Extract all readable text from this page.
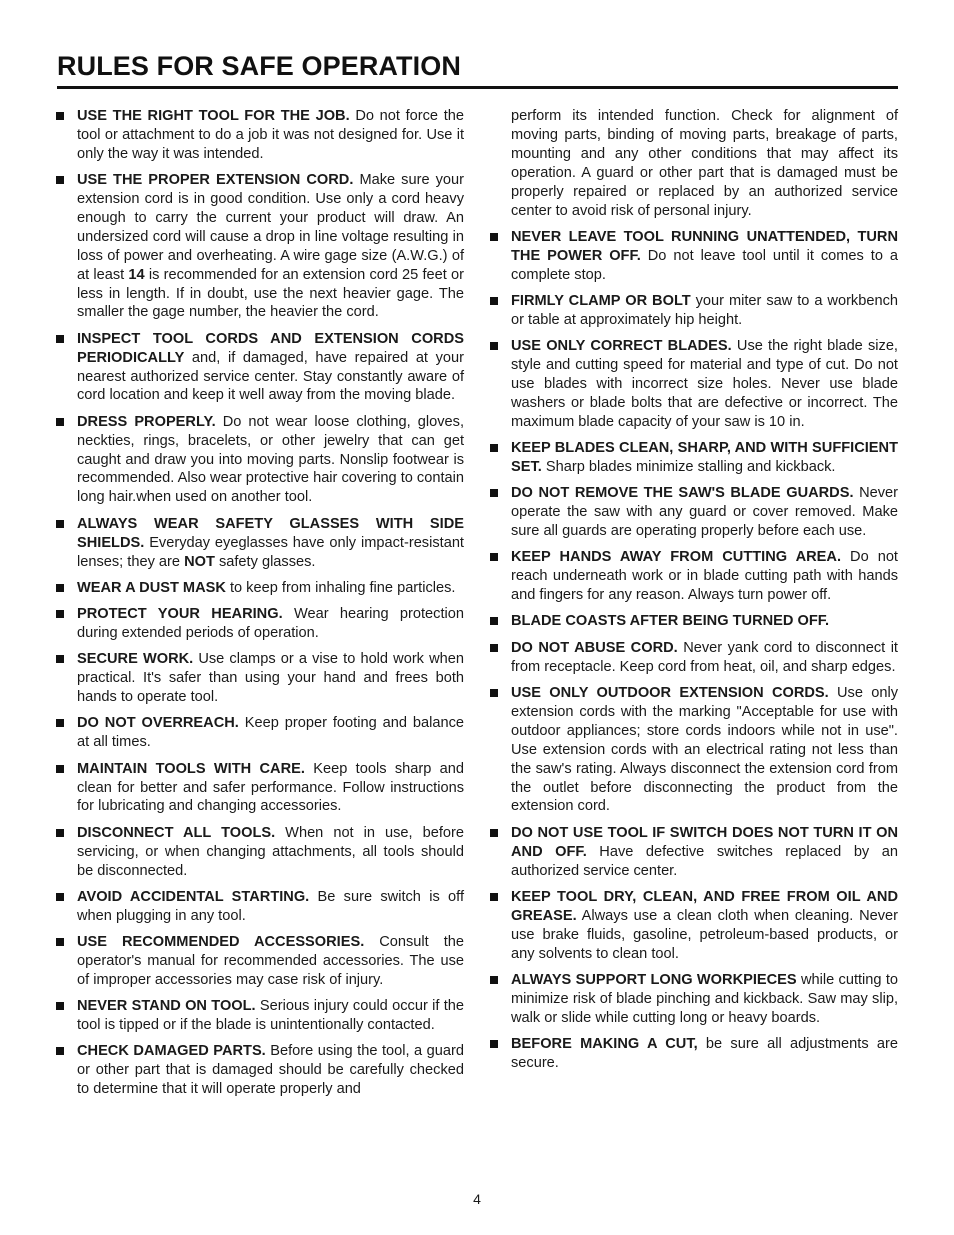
RULES FOR SAFE OPERATION
USE THE RIGHT TOOL FOR THE JOB. Do not force the tool or attachment to do a job it was not designed for. Use it only the way it was intended.
USE THE PROPER EXTENSION CORD. Make sure your extension cord is in good condition. Use only a cord heavy enough to carry the current your product will draw. An undersized cord will cause a drop in line voltage resulting in loss of power and overheating. A wire gage size (A.W.G.) of at least 14 is recommended for an extension cord 25 feet or less in length. If in doubt, use the next heavier gage. The smaller the gage number, the heavier the cord.
INSPECT TOOL CORDS AND EXTENSION CORDS PERIODICALLY and, if damaged, have repaired at your nearest authorized service center. Stay constantly aware of cord location and keep it well away from the moving blade.
DRESS PROPERLY. Do not wear loose clothing, gloves, neckties, rings, bracelets, or other jewelry that can get caught and draw you into moving parts. Nonslip footwear is recommended. Also wear protective hair covering to contain long hair.when used on another tool.
ALWAYS WEAR SAFETY GLASSES WITH SIDE SHIELDS. Everyday eyeglasses have only impact-resistant lenses; they are NOT safety glasses.
WEAR A DUST MASK to keep from inhaling fine particles.
PROTECT YOUR HEARING. Wear hearing protection during extended periods of operation.
SECURE WORK. Use clamps or a vise to hold work when practical. It's safer than using your hand and frees both hands to operate tool.
DO NOT OVERREACH. Keep proper footing and balance at all times.
MAINTAIN TOOLS WITH CARE. Keep tools sharp and clean for better and safer performance. Follow instructions for lubricating and changing accessories.
DISCONNECT ALL TOOLS. When not in use, before servicing, or when changing attachments, all tools should be disconnected.
AVOID ACCIDENTAL STARTING. Be sure switch is off when plugging in any tool.
USE RECOMMENDED ACCESSORIES. Consult the operator's manual for recommended accessories. The use of improper accessories may case risk of injury.
NEVER STAND ON TOOL. Serious injury could occur if the tool is tipped or if the blade is unintentionally contacted.
CHECK DAMAGED PARTS. Before using the tool, a guard or other part that is damaged should be carefully checked to determine that it will operate properly and
perform its intended function. Check for alignment of moving parts, binding of moving parts, breakage of parts, mounting and any other conditions that may affect its operation. A guard or other part that is damaged must be properly repaired or replaced by an authorized service center to avoid risk of personal injury.
NEVER LEAVE TOOL RUNNING UNATTENDED, TURN THE POWER OFF. Do not leave tool until it comes to a complete stop.
FIRMLY CLAMP OR BOLT your miter saw to a workbench or table at approximately hip height.
USE ONLY CORRECT BLADES. Use the right blade size, style and cutting speed for material and type of cut. Do not use blades with incorrect size holes. Never use blade washers or blade bolts that are defective or incorrect. The maximum blade capacity of your saw is 10 in.
KEEP BLADES CLEAN, SHARP, AND WITH SUFFICIENT SET. Sharp blades minimize stalling and kickback.
DO NOT REMOVE THE SAW'S BLADE GUARDS. Never operate the saw with any guard or cover removed. Make sure all guards are operating properly before each use.
KEEP HANDS AWAY FROM CUTTING AREA. Do not reach underneath work or in blade cutting path with hands and fingers for any reason. Always turn power off.
BLADE COASTS AFTER BEING TURNED OFF.
DO NOT ABUSE CORD. Never yank cord to disconnect it from receptacle. Keep cord from heat, oil, and sharp edges.
USE ONLY OUTDOOR EXTENSION CORDS. Use only extension cords with the marking "Acceptable for use with outdoor appliances; store cords indoors while not in use". Use extension cords with an electrical rating not less than the saw's rating. Always disconnect the extension cord from the outlet before disconnecting the product from the extension cord.
DO NOT USE TOOL IF SWITCH DOES NOT TURN IT ON AND OFF. Have defective switches replaced by an authorized service center.
KEEP TOOL DRY, CLEAN, AND FREE FROM OIL AND GREASE. Always use a clean cloth when cleaning. Never use brake fluids, gasoline, petroleum-based products, or any solvents to clean tool.
ALWAYS SUPPORT LONG WORKPIECES while cutting to minimize risk of blade pinching and kickback. Saw may slip, walk or slide while cutting long or heavy boards.
BEFORE MAKING A CUT, be sure all adjustments are secure.
4
